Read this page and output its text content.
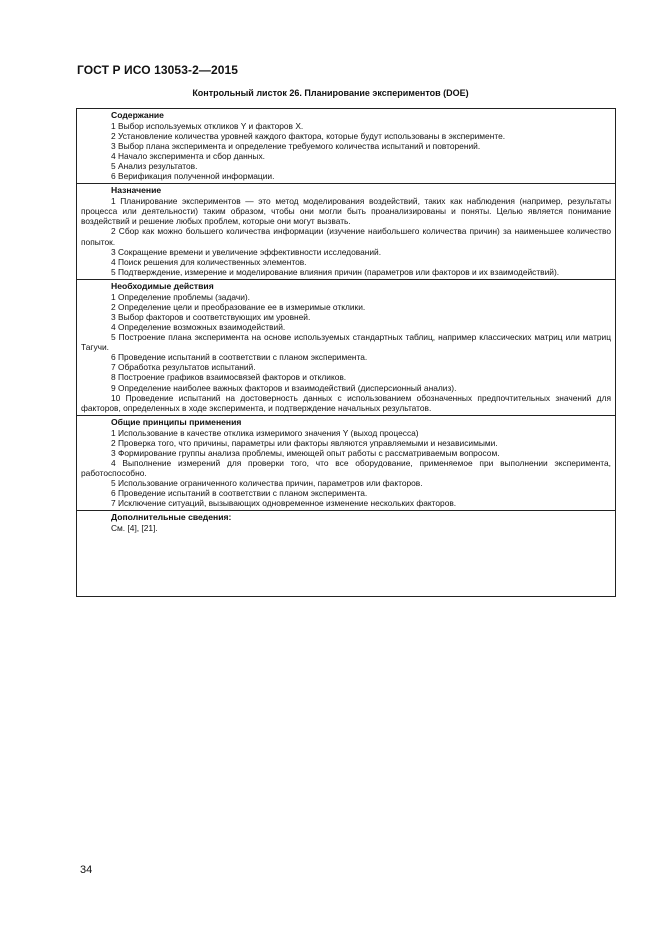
ГОСТ Р ИСО 13053-2—2015
Контрольный листок 26. Планирование экспериментов (DOE)
Содержание

1 Выбор используемых откликов Y и факторов X.

2 Установление количества уровней каждого фактора, которые будут использованы в эксперименте.

3 Выбор плана эксперимента и определение требуемого количества испытаний и повторений.

4 Начало эксперимента и сбор данных.

5 Анализ результатов.

6 Верификация полученной информации.

Назначение

1 Планирование экспериментов — это метод моделирования воздействий, таких как наблюдения (например, результаты процесса или деятельности) таким образом, чтобы они могли быть проанализированы и поняты. Целью является понимание воздействий и решение любых проблем, которые они могут вызвать.

2 Сбор как можно большего количества информации (изучение наибольшего количества причин) за наименьшее количество попыток.

3 Сокращение времени и увеличение эффективности исследований.

4 Поиск решения для количественных элементов.

5 Подтверждение, измерение и моделирование влияния причин (параметров или факторов и их взаимодействий).

Необходимые действия

1 Определение проблемы (задачи).

2 Определение цели и преобразование ее в измеримые отклики.

3 Выбор факторов и соответствующих им уровней.

4 Определение возможных взаимодействий.

5 Построение плана эксперимента на основе используемых стандартных таблиц, например классических матриц или матриц Тагучи.

6 Проведение испытаний в соответствии с планом эксперимента.

7 Обработка результатов испытаний.

8 Построение графиков взаимосвязей факторов и откликов.

9 Определение наиболее важных факторов и взаимодействий (дисперсионный анализ).

10 Проведение испытаний на достоверность данных с использованием обозначенных предпочтительных значений для факторов, определенных в ходе эксперимента, и подтверждение начальных результатов.

Общие принципы применения

1 Использование в качестве отклика измеримого значения Y (выход процесса)

2 Проверка того, что причины, параметры или факторы являются управляемыми и независимыми.

3 Формирование группы анализа проблемы, имеющей опыт работы с рассматриваемым вопросом.

4 Выполнение измерений для проверки того, что все оборудование, применяемое при выполнении эксперимента, работоспособно.

5 Использование ограниченного количества причин, параметров или факторов.

6 Проведение испытаний в соответствии с планом эксперимента.

7 Исключение ситуаций, вызывающих одновременное изменение нескольких факторов.

Дополнительные сведения:
См. [4], [21].
34
